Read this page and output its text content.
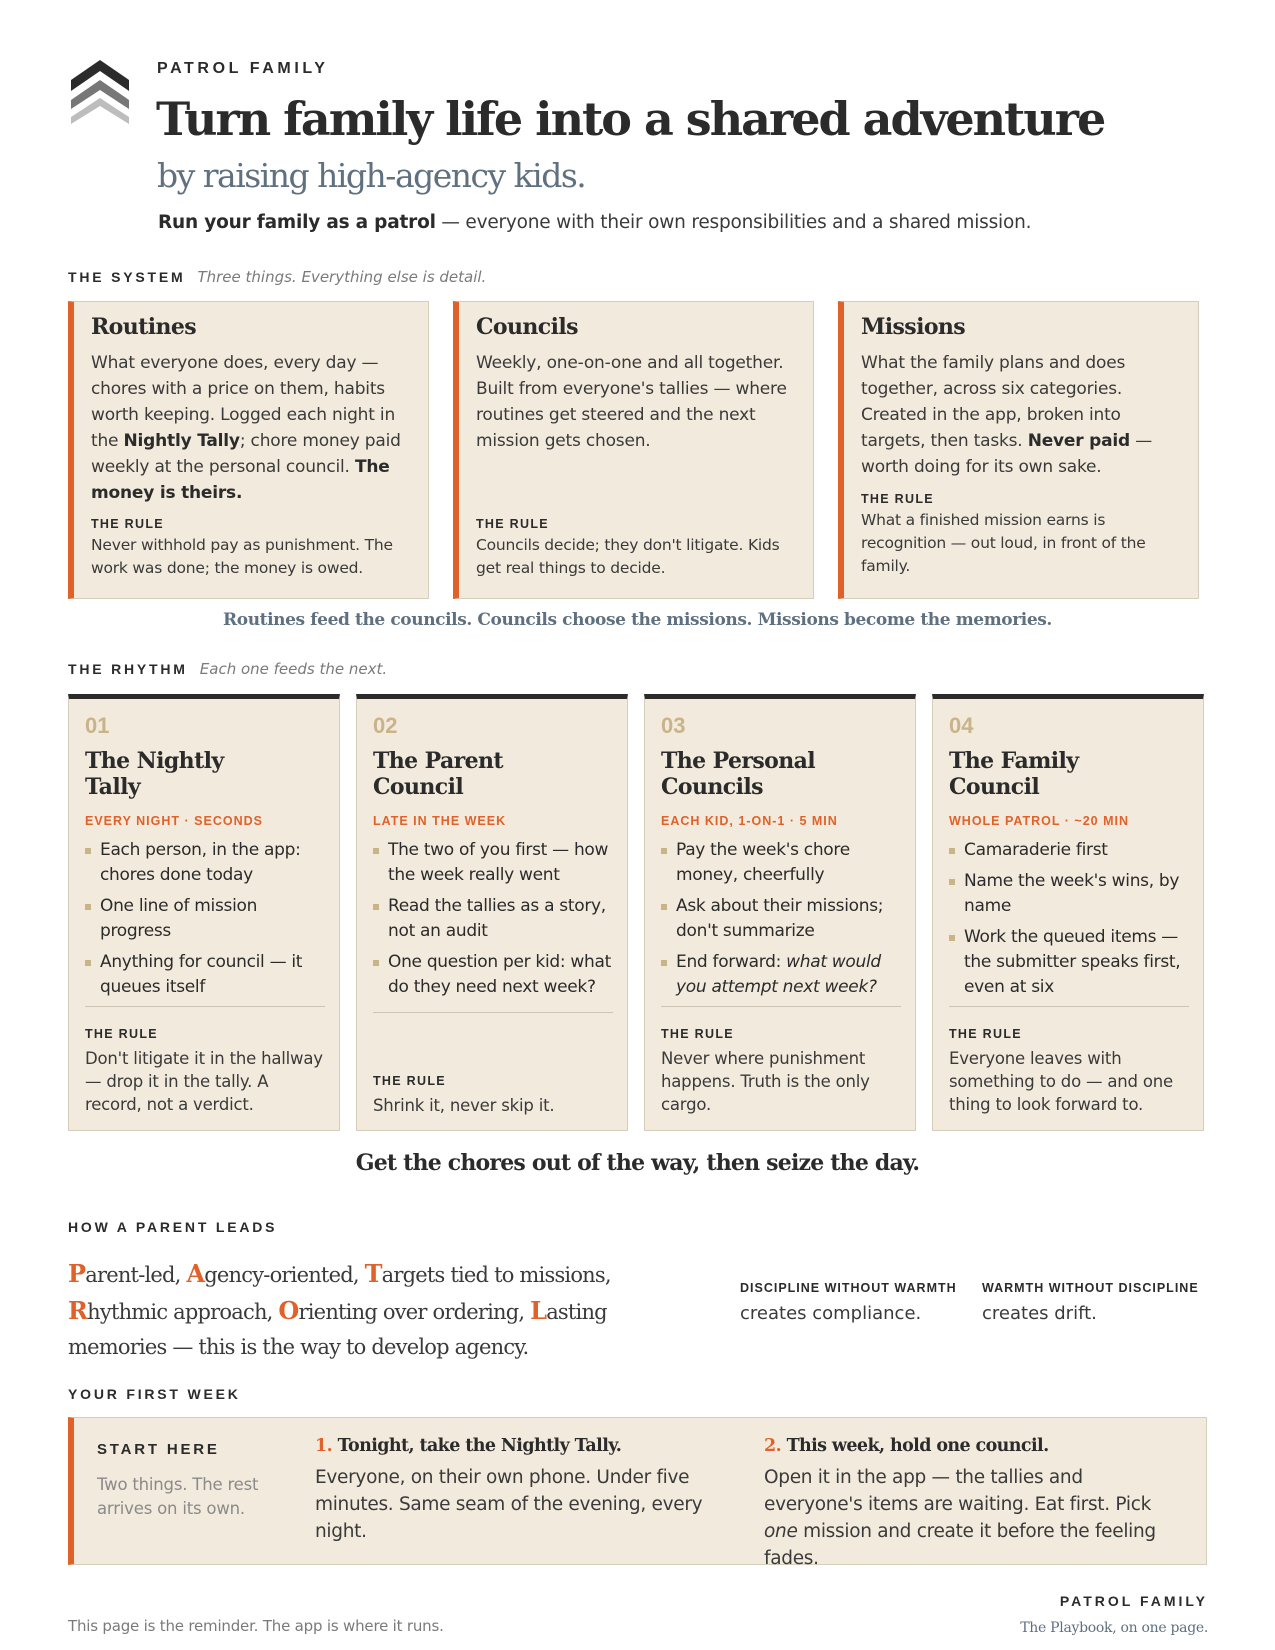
PATROL FAMILY
Turn family life into a shared adventure
by raising high-agency kids.
Run your family as a patrol — everyone with their own responsibilities and a shared mission.
THE SYSTEM Three things. Everything else is detail.
Routines
What everyone does, every day — chores with a price on them, habits worth keeping. Logged each night in the Nightly Tally; chore money paid weekly at the personal council. The money is theirs.
THE RULE
Never withhold pay as punishment. The work was done; the money is owed.
Councils
Weekly, one-on-one and all together. Built from everyone's tallies — where routines get steered and the next mission gets chosen.
THE RULE
Councils decide; they don't litigate. Kids get real things to decide.
Missions
What the family plans and does together, across six categories. Created in the app, broken into targets, then tasks. Never paid — worth doing for its own sake.
THE RULE
What a finished mission earns is recognition — out loud, in front of the family.
Routines feed the councils. Councils choose the missions. Missions become the memories.
THE RHYTHM Each one feeds the next.
01
The Nightly
Tally
EVERY NIGHT · SECONDS
Each person, in the app: chores done today
One line of mission progress
Anything for council — it queues itself
THE RULE
Don't litigate it in the hallway — drop it in the tally. A record, not a verdict.
02
The Parent
Council
LATE IN THE WEEK
The two of you first — how the week really went
Read the tallies as a story, not an audit
One question per kid: what do they need next week?
THE RULE
Shrink it, never skip it.
03
The Personal
Councils
EACH KID, 1-ON-1 · 5 MIN
Pay the week's chore money, cheerfully
Ask about their missions; don't summarize
End forward: what would you attempt next week?
THE RULE
Never where punishment happens. Truth is the only cargo.
04
The Family
Council
WHOLE PATROL · ~20 MIN
Camaraderie first
Name the week's wins, by name
Work the queued items — the submitter speaks first, even at six
THE RULE
Everyone leaves with something to do — and one thing to look forward to.
Get the chores out of the way, then seize the day.
HOW A PARENT LEADS
Parent-led, Agency-oriented, Targets tied to missions, Rhythmic approach, Orienting over ordering, Lasting memories — this is the way to develop agency.
DISCIPLINE WITHOUT WARMTH
creates compliance.
WARMTH WITHOUT DISCIPLINE
creates drift.
YOUR FIRST WEEK
START HERE
Two things. The rest arrives on its own.
1. Tonight, take the Nightly Tally.

Everyone, on their own phone. Under five minutes. Same seam of the evening, every night.

2. This week, hold one council.

Open it in the app — the tallies and everyone's items are waiting. Eat first. Pick one mission and create it before the feeling fades.

This page is the reminder. The app is where it runs.
PATROL FAMILY
The Playbook, on one page.
